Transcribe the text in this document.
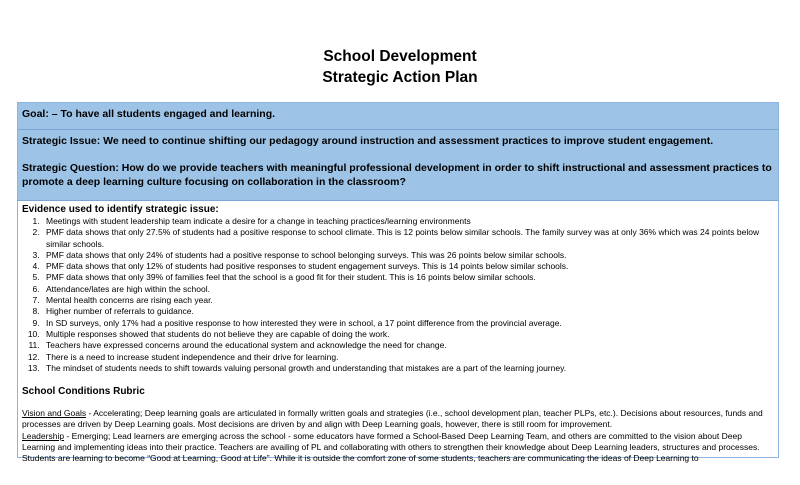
School Development
Strategic Action Plan
Goal: – To have all students engaged and learning.

Strategic Issue: We need to continue shifting our pedagogy around instruction and assessment practices to improve student engagement.

Strategic Question: How do we provide teachers with meaningful professional development in order to shift instructional and assessment practices to promote a deep learning culture focusing on collaboration in the classroom?

Evidence used to identify strategic issue:

1. Meetings with student leadership team indicate a desire for a change in teaching practices/learning environments
2. PMF data shows that only 27.5% of students had a positive response to school climate. This is 12 points below similar schools. The family survey was at only 36% which was 24 points below similar schools.
3. PMF data shows that only 24% of students had a positive response to school belonging surveys. This was 26 points below similar schools.
4. PMF data shows that only 12% of students had positive responses to student engagement surveys. This is 14 points below similar schools.
5. PMF data shows that only 39% of families feel that the school is a good fit for their student. This is 16 points below similar schools.
6. Attendance/lates are high within the school.
7. Mental health concerns are rising each year.
8. Higher number of referrals to guidance.
9. In SD surveys, only 17% had a positive response to how interested they were in school, a 17 point difference from the provincial average.
10. Multiple responses showed that students do not believe they are capable of doing the work.
11. Teachers have expressed concerns around the educational system and acknowledge the need for change.
12. There is a need to increase student independence and their drive for learning.
13. The mindset of students needs to shift towards valuing personal growth and understanding that mistakes are a part of the learning journey.

School Conditions Rubric

Vision and Goals - Accelerating; Deep learning goals are articulated in formally written goals and strategies (i.e., school development plan, teacher PLPs, etc.). Decisions about resources, funds and processes are driven by Deep Learning goals. Most decisions are driven by and align with Deep Learning goals, however, there is still room for improvement.

Leadership - Emerging; Lead learners are emerging across the school - some educators have formed a School-Based Deep Learning Team, and others are committed to the vision about Deep Learning and implementing ideas into their practice. Teachers are availing of PL and collaborating with others to strengthen their knowledge about Deep Learning leaders, structures and processes. Students are learning to become “Good at Learning, Good at Life”. While it is outside the comfort zone of some students, teachers are communicating the ideas of Deep Learning to
